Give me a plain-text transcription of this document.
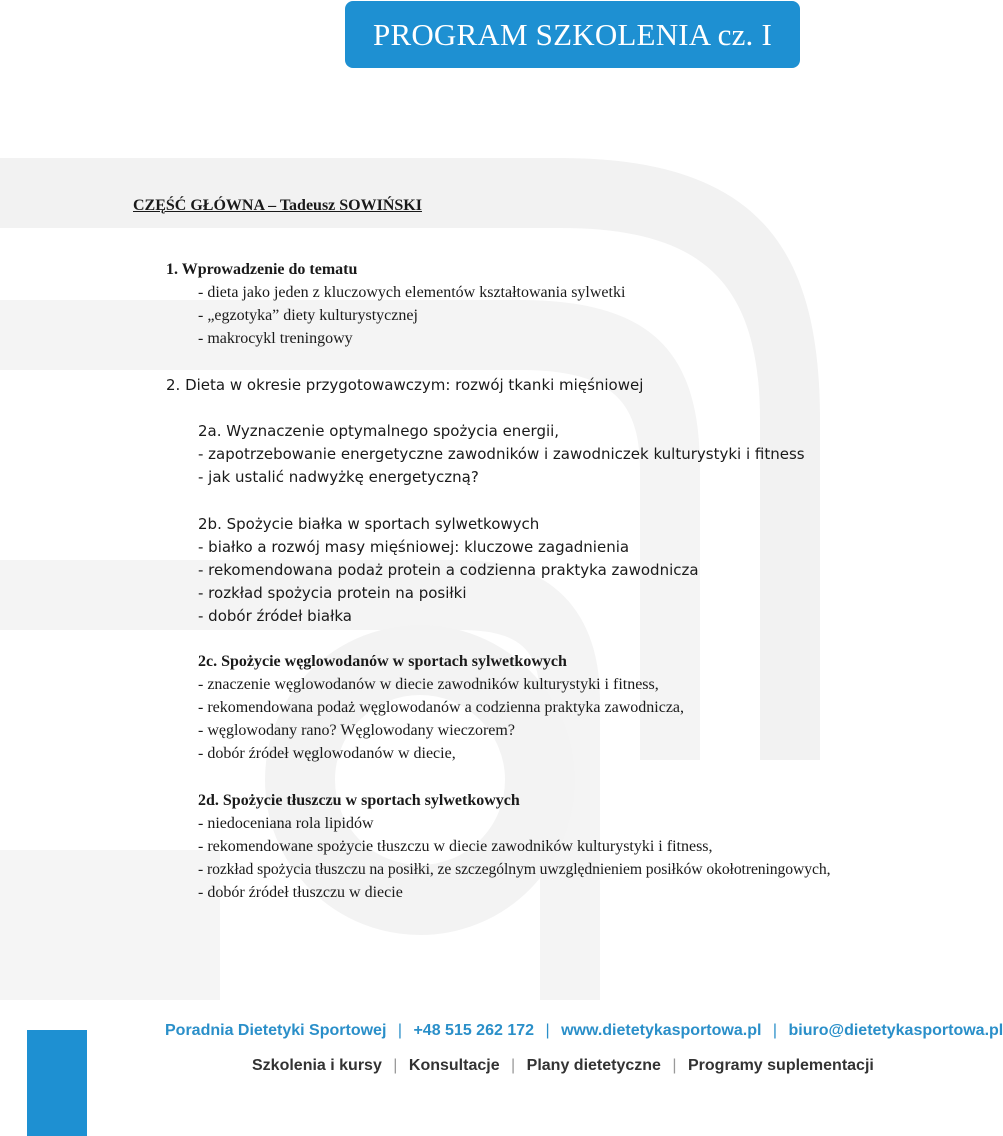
PROGRAM SZKOLENIA cz. I
CZĘŚĆ GŁÓWNA – Tadeusz SOWIŃSKI
1. Wprowadzenie do tematu
- dieta jako jeden z kluczowych elementów kształtowania sylwetki
- „egzotyka” diety kulturystycznej
- makrocykl treningowy
2. Dieta w okresie przygotowawczym: rozwój tkanki mięśniowej
2a. Wyznaczenie optymalnego spożycia energii,
- zapotrzebowanie energetyczne zawodników i zawodniczek kulturystyki i fitness
- jak ustalić nadwyżkę energetyczną?
2b. Spożycie białka w sportach sylwetkowych
- białko a rozwój masy mięśniowej: kluczowe zagadnienia
- rekomendowana podaż protein a codzienna praktyka zawodnicza
- rozkład spożycia protein na posiłki
- dobór źródeł białka
2c. Spożycie węglowodanów w sportach sylwetkowych
- znaczenie węglowodanów w diecie zawodników kulturystyki i fitness,
- rekomendowana podaż węglowodanów a codzienna praktyka zawodnicza,
- węglowodany rano? Węglowodany wieczorem?
- dobór źródeł węglowodanów w diecie,
2d. Spożycie tłuszczu w sportach sylwetkowych
- niedoceniana rola lipidów
- rekomendowane spożycie tłuszczu w diecie zawodników kulturystyki i fitness,
- rozkład spożycia tłuszczu na posiłki, ze szczególnym uwzględnieniem posiłków okołotreningowych,
- dobór źródeł tłuszczu w diecie
Poradnia Dietetyki Sportowej | +48 515 262 172 | www.dietetykasportowa.pl | biuro@dietetykasportowa.pl
Szkolenia i kursy | Konsultacje | Plany dietetyczne | Programy suplementacji
